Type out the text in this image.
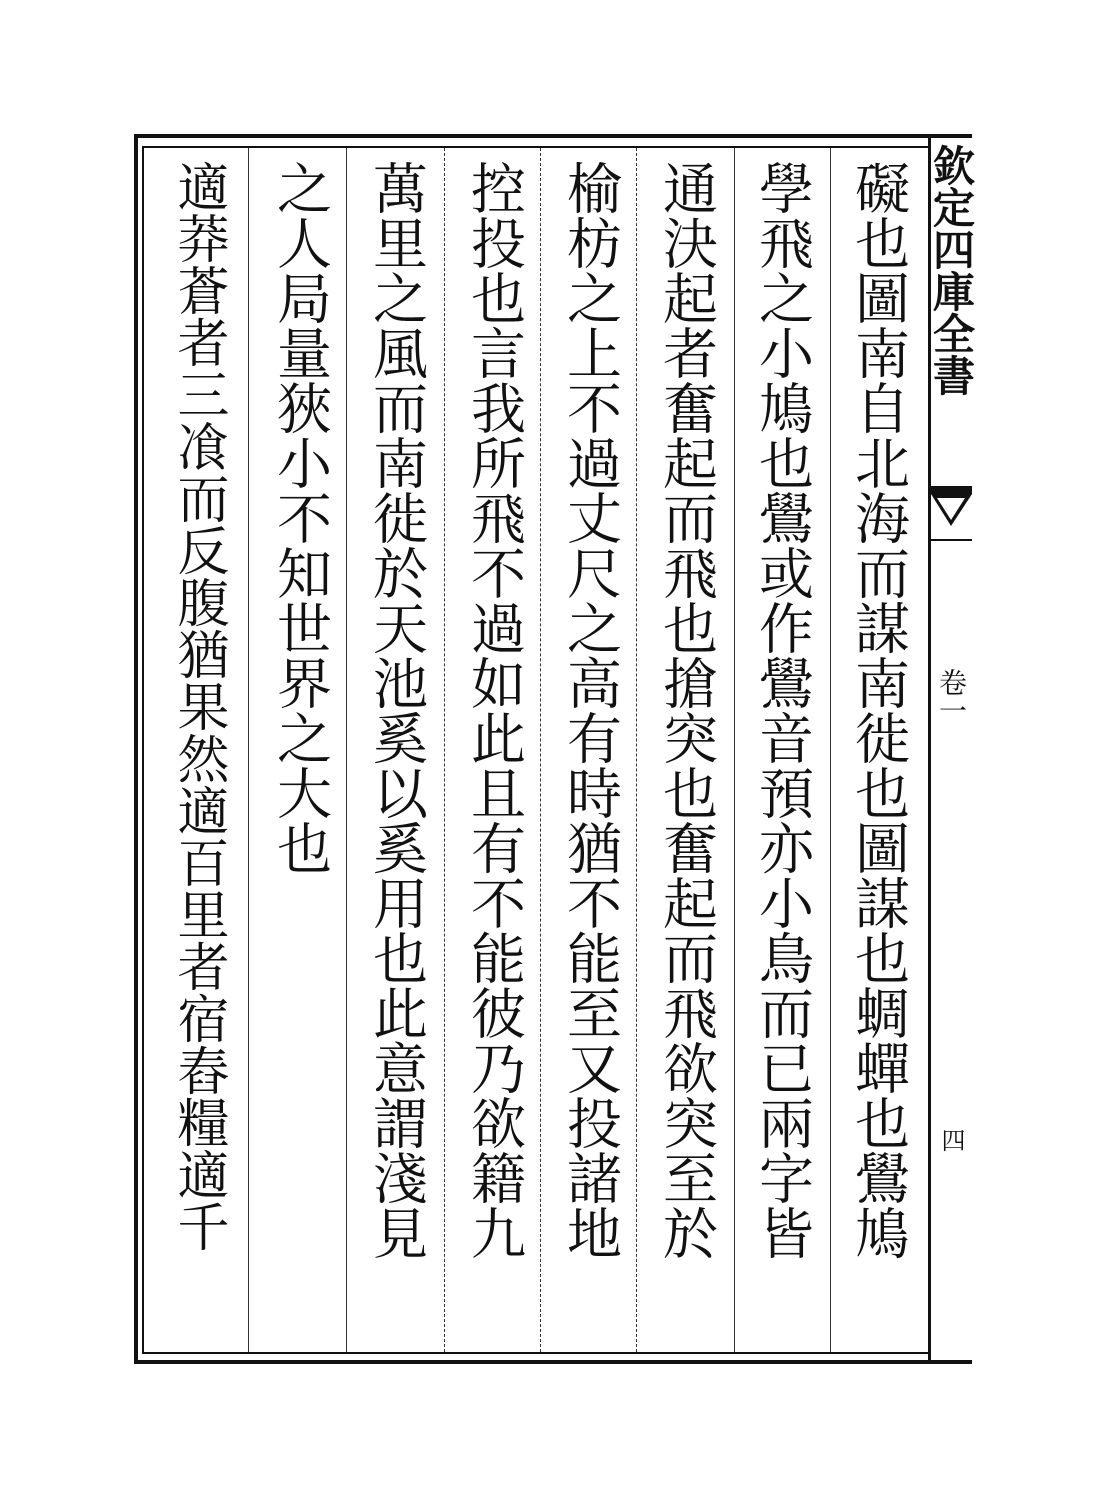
欽定四庫全書
卷一
四
礙也圖南自北海而謀南徙也圖謀也蜩蟬也鷽鳩
學飛之小鳩也鷽或作鷽音預亦小鳥而已兩字皆
通決起者奮起而飛也搶突也奮起而飛欲突至於
榆枋之上不過丈尺之高有時猶不能至又投諸地
控投也言我所飛不過如此且有不能彼乃欲籍九
萬里之風而南徙於天池奚以奚用也此意謂淺見
之人局量狹小不知世界之大也
適莽蒼者三飡而反腹猶果然適百里者宿舂糧適千
